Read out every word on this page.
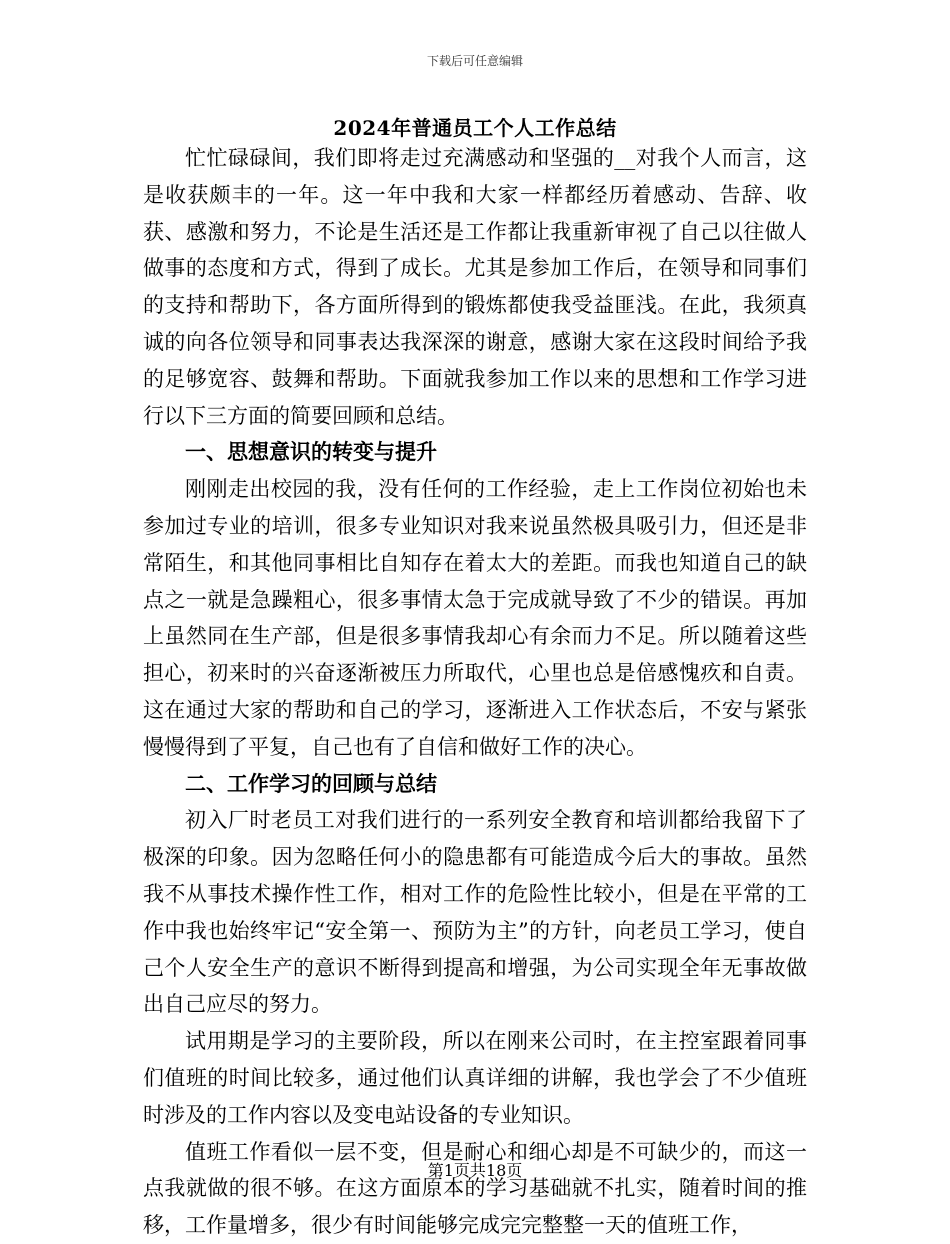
下载后可任意编辑
2024年普通员工个人工作总结

忙忙碌碌间，我们即将走过充满感动和坚强的__对我个人而言，这是收获颇丰的一年。这一年中我和大家一样都经历着感动、告辞、收获、感激和努力，不论是生活还是工作都让我重新审视了自己以往做人做事的态度和方式，得到了成长。尤其是参加工作后，在领导和同事们的支持和帮助下，各方面所得到的锻炼都使我受益匪浅。在此，我须真诚的向各位领导和同事表达我深深的谢意，感谢大家在这段时间给予我的足够宽容、鼓舞和帮助。下面就我参加工作以来的思想和工作学习进行以下三方面的简要回顾和总结。

一、思想意识的转变与提升

刚刚走出校园的我，没有任何的工作经验，走上工作岗位初始也未参加过专业的培训，很多专业知识对我来说虽然极具吸引力，但还是非常陌生，和其他同事相比自知存在着太大的差距。而我也知道自己的缺点之一就是急躁粗心，很多事情太急于完成就导致了不少的错误。再加上虽然同在生产部，但是很多事情我却心有余而力不足。所以随着这些担心，初来时的兴奋逐渐被压力所取代，心里也总是倍感愧疚和自责。这在通过大家的帮助和自己的学习，逐渐进入工作状态后，不安与紧张慢慢得到了平复，自己也有了自信和做好工作的决心。

二、工作学习的回顾与总结

初入厂时老员工对我们进行的一系列安全教育和培训都给我留下了极深的印象。因为忽略任何小的隐患都有可能造成今后大的事故。虽然我不从事技术操作性工作，相对工作的危险性比较小，但是在平常的工作中我也始终牢记“安全第一、预防为主”的方针，向老员工学习，使自己个人安全生产的意识不断得到提高和增强，为公司实现全年无事故做出自己应尽的努力。

试用期是学习的主要阶段，所以在刚来公司时，在主控室跟着同事们值班的时间比较多，通过他们认真详细的讲解，我也学会了不少值班时涉及的工作内容以及变电站设备的专业知识。

值班工作看似一层不变，但是耐心和细心却是不可缺少的，而这一点我就做的很不够。在这方面原本的学习基础就不扎实，随着时间的推移，工作量增多，很少有时间能够完成完完整整一天的值班工作，

第1页共18页
